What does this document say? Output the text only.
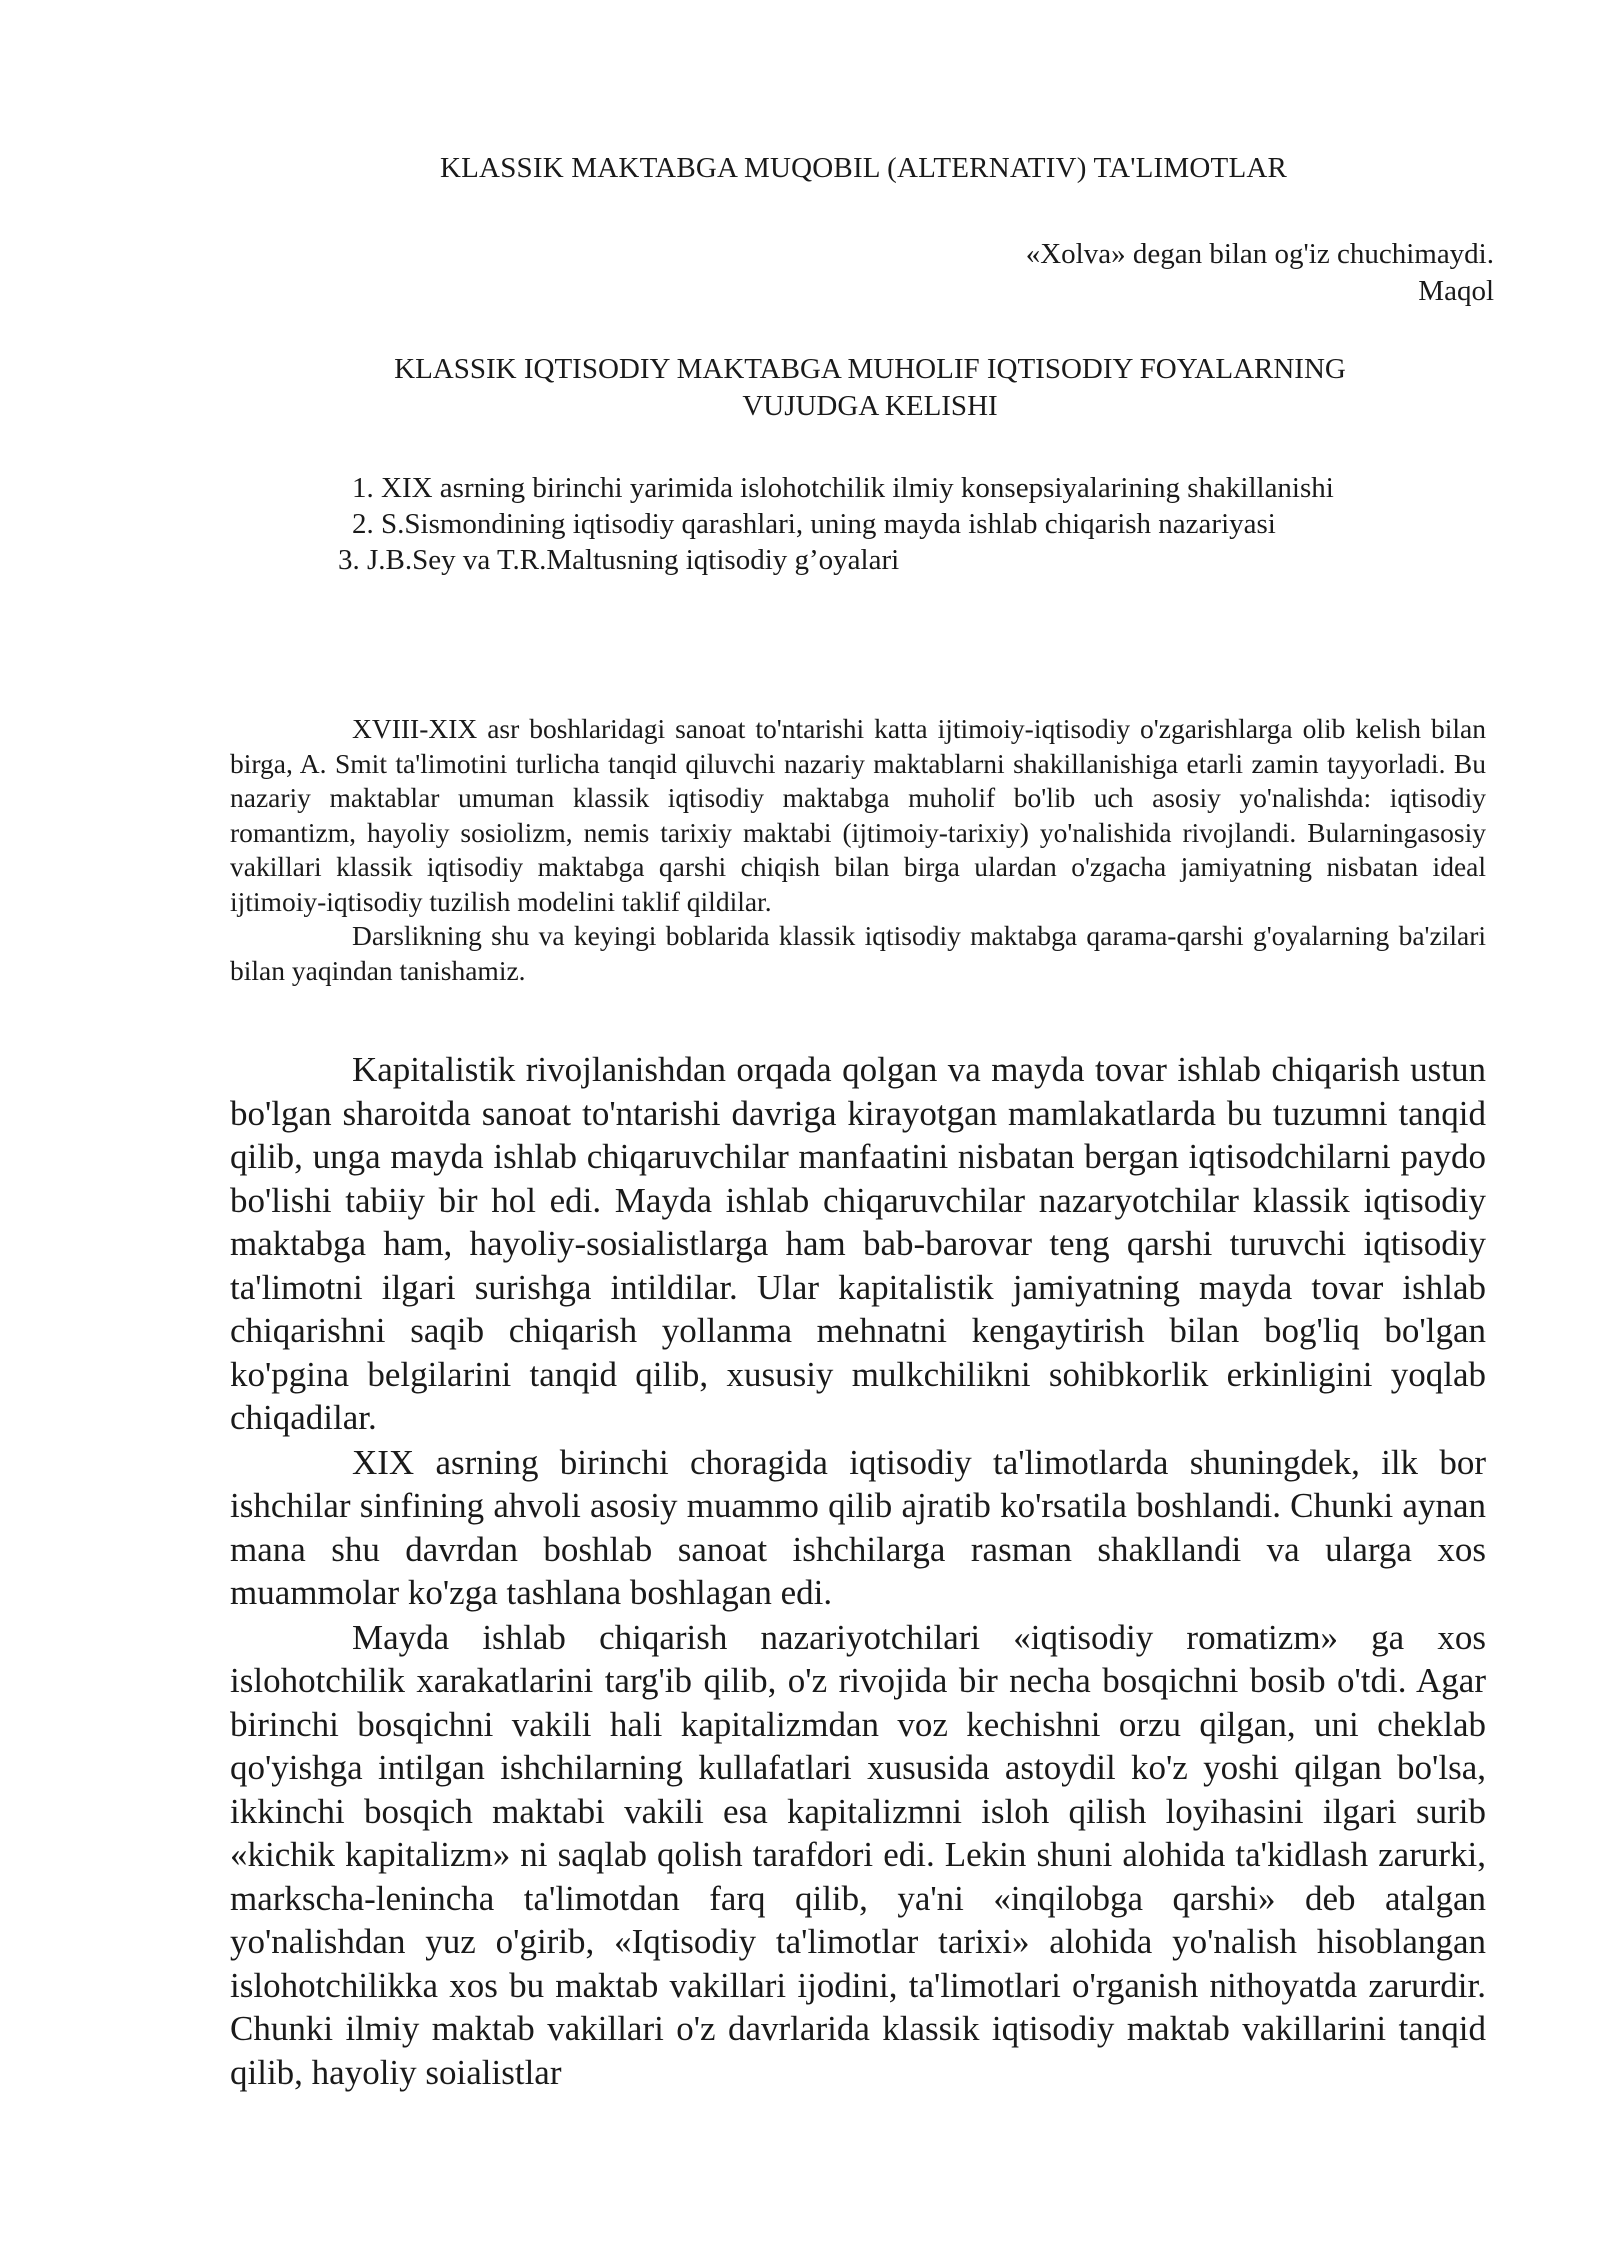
KLASSIK MAKTABGA MUQOBIL (ALTERNATIV) TA'LIMOTLAR
«Xolva» degan bilan og'iz chuchimaydi.
Maqol
KLASSIK IQTISODIY MAKTABGA MUHOLIF IQTISODIY FOYALARNING
VUJUDGA KELISHI
1. XIX asrning birinchi yarimida islohotchilik ilmiy konsepsiyalarining shakillanishi
2. S.Sismondining iqtisodiy qarashlari, uning mayda ishlab chiqarish nazariyasi
3. J.B.Sey va T.R.Maltusning iqtisodiy g’oyalari

XVIII-XIX asr boshlaridagi sanoat to'ntarishi katta ijtimoiy-iqtisodiy o'zgarishlarga olib kelish bilan birga, A. Smit ta'limotini turlicha tanqid qiluvchi nazariy maktablarni shakillanishiga etarli zamin tayyorladi. Bu nazariy maktablar umuman klassik iqtisodiy maktabga muholif bo'lib uch asosiy yo'nalishda: iqtisodiy romantizm, hayoliy sosiolizm, nemis tarixiy maktabi (ijtimoiy-tarixiy) yo'nalishida rivojlandi. Bularningasosiy vakillari klassik iqtisodiy maktabga qarshi chiqish bilan birga ulardan o'zgacha jamiyatning nisbatan ideal ijtimoiy-iqtisodiy tuzilish modelini taklif qildilar.

Darslikning shu va keyingi boblarida klassik iqtisodiy maktabga qarama-qarshi g'oyalarning ba'zilari bilan yaqindan tanishamiz.

Kapitalistik rivojlanishdan orqada qolgan va mayda tovar ishlab chiqarish ustun bo'lgan sharoitda sanoat to'ntarishi davriga kirayotgan mamlakatlarda bu tuzumni tanqid qilib, unga mayda ishlab chiqaruvchilar manfaatini nisbatan bergan iqtisodchilarni paydo bo'lishi tabiiy bir hol edi. Mayda ishlab chiqaruvchilar nazaryotchilar klassik iqtisodiy maktabga ham, hayoliy-sosialistlarga ham bab-barovar teng qarshi turuvchi iqtisodiy ta'limotni ilgari surishga intildilar. Ular kapitalistik jamiyatning mayda tovar ishlab chiqarishni saqib chiqarish yollanma mehnatni kengaytirish bilan bog'liq bo'lgan ko'pgina belgilarini tanqid qilib, xususiy mulkchilikni sohibkorlik erkinligini yoqlab chiqadilar.

XIX asrning birinchi choragida iqtisodiy ta'limotlarda shuningdek, ilk bor ishchilar sinfining ahvoli asosiy muammo qilib ajratib ko'rsatila boshlandi. Chunki aynan mana shu davrdan boshlab sanoat ishchilarga rasman shakllandi va ularga xos muammolar ko'zga tashlana boshlagan edi.

Mayda ishlab chiqarish nazariyotchilari «iqtisodiy romatizm» ga xos islohotchilik xarakatlarini targ'ib qilib, o'z rivojida bir necha bosqichni bosib o'tdi. Agar birinchi bosqichni vakili hali kapitalizmdan voz kechishni orzu qilgan, uni cheklab qo'yishga intilgan ishchilarning kullafatlari xususida astoydil ko'z yoshi qilgan bo'lsa, ikkinchi bosqich maktabi vakili esa kapitalizmni isloh qilish loyihasini ilgari surib «kichik kapitalizm» ni saqlab qolish tarafdori edi. Lekin shuni alohida ta'kidlash zarurki, markscha-lenincha ta'limotdan farq qilib, ya'ni «inqilobga qarshi» deb atalgan yo'nalishdan yuz o'girib, «Iqtisodiy ta'limotlar tarixi» alohida yo'nalish hisoblangan islohotchilikka xos bu maktab vakillari ijodini, ta'limotlari o'rganish nithoyatda zarurdir. Chunki ilmiy maktab vakillari o'z davrlarida klassik iqtisodiy maktab vakillarini tanqid qilib, hayoliy soialistlar
